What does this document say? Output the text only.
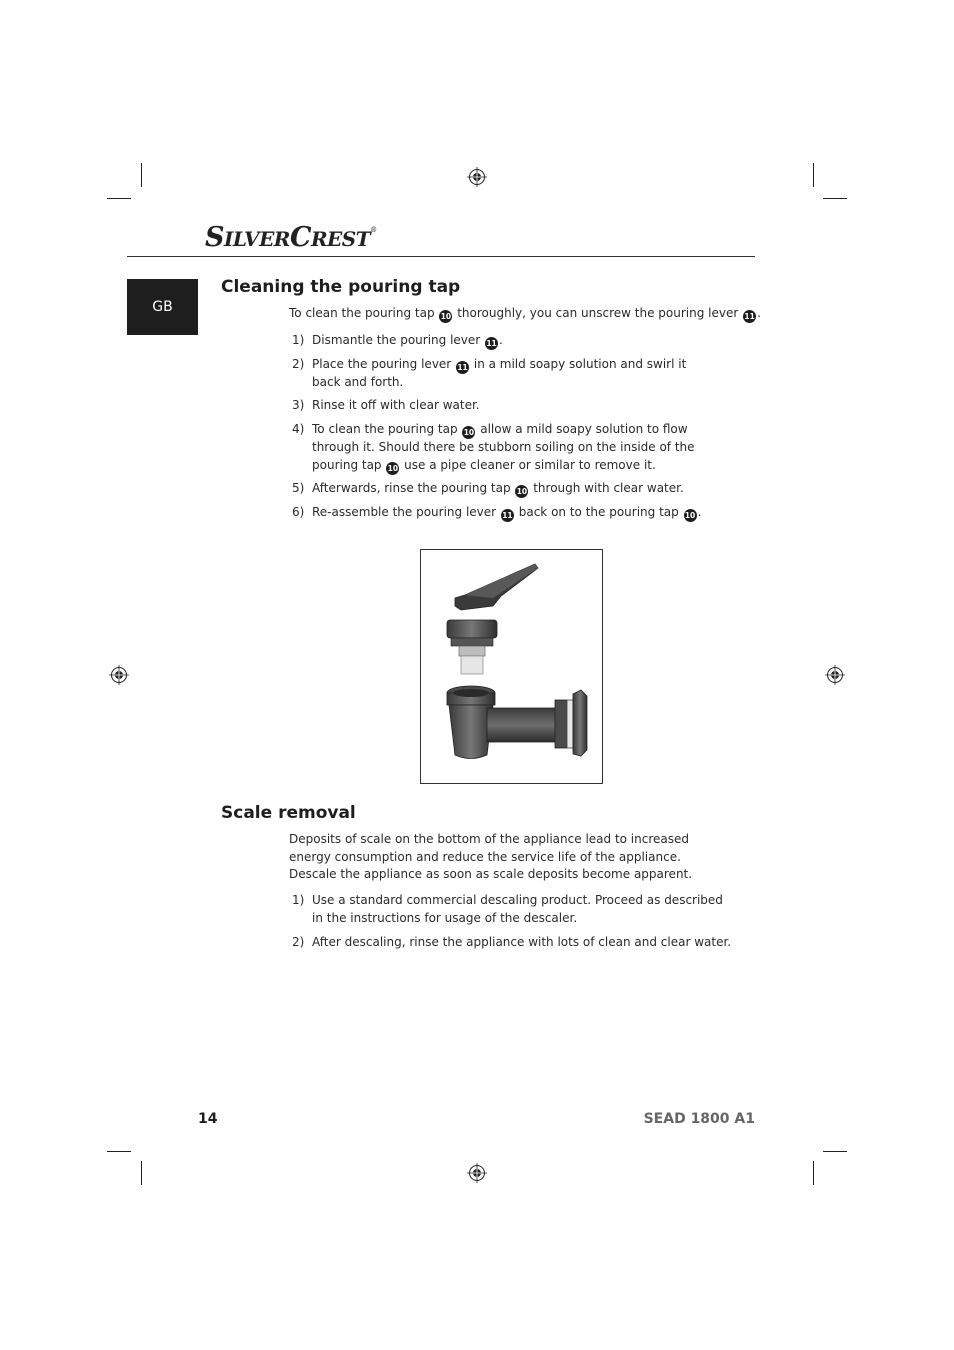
SILVERCREST®
GB
Cleaning the pouring tap
To clean the pouring tap 10 thoroughly, you can unscrew the pouring lever 11 .
1) Dismantle the pouring lever 11 .
2) Place the pouring lever 11 in a mild soapy solution and swirl it back and forth.
3) Rinse it off with clear water.
4) To clean the pouring tap 10 allow a mild soapy solution to flow through it. Should there be stubborn soiling on the inside of the pouring tap 10 use a pipe cleaner or similar to remove it.
5) Afterwards, rinse the pouring tap 10 through with clear water.
6) Re-assemble the pouring lever 11 back on to the pouring tap 10 .
Scale removal
Deposits of scale on the bottom of the appliance lead to increased energy consumption and reduce the service life of the appliance.
Descale the appliance as soon as scale deposits become apparent.
1) Use a standard commercial descaling product. Proceed as described in the instructions for usage of the descaler.
2) After descaling, rinse the appliance with lots of clean and clear water.
14	SEAD 1800 A1
